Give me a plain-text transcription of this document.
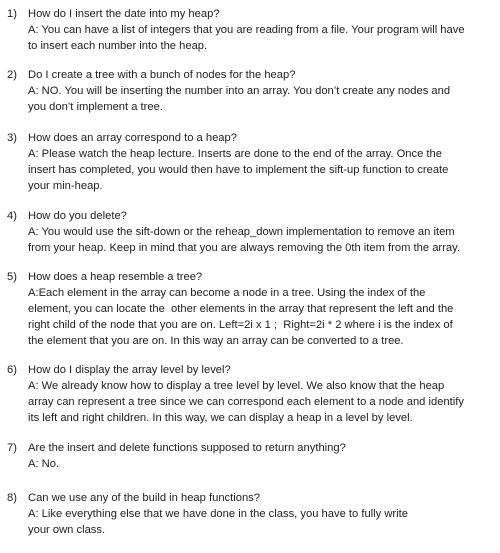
1) How do I insert the date into my heap?
A: You can have a list of integers that you are reading from a file. Your program will have
to insert each number into the heap.
2) Do I create a tree with a bunch of nodes for the heap?
A: NO. You will be inserting the number into an array. You don’t create any nodes and
you don’t implement a tree.
3) How does an array correspond to a heap?
A: Please watch the heap lecture. Inserts are done to the end of the array. Once the
insert has completed, you would then have to implement the sift-up function to create
your min-heap.
4) How do you delete?
A: You would use the sift-down or the reheap_down implementation to remove an item
from your heap. Keep in mind that you are always removing the 0th item from the array.
5) How does a heap resemble a tree?
A:Each element in the array can become a node in a tree. Using the index of the
element, you can locate the  other elements in the array that represent the left and the
right child of the node that you are on. Left=2i x 1 ;  Right=2i * 2 where i is the index of
the element that you are on. In this way an array can be converted to a tree.
6) How do I display the array level by level?
A: We already know how to display a tree level by level. We also know that the heap
array can represent a tree since we can correspond each element to a node and identify
its left and right children. In this way, we can display a heap in a level by level.
7) Are the insert and delete functions supposed to return anything?
A: No.
8) Can we use any of the build in heap functions?
A: Like everything else that we have done in the class, you have to fully write
your own class.
